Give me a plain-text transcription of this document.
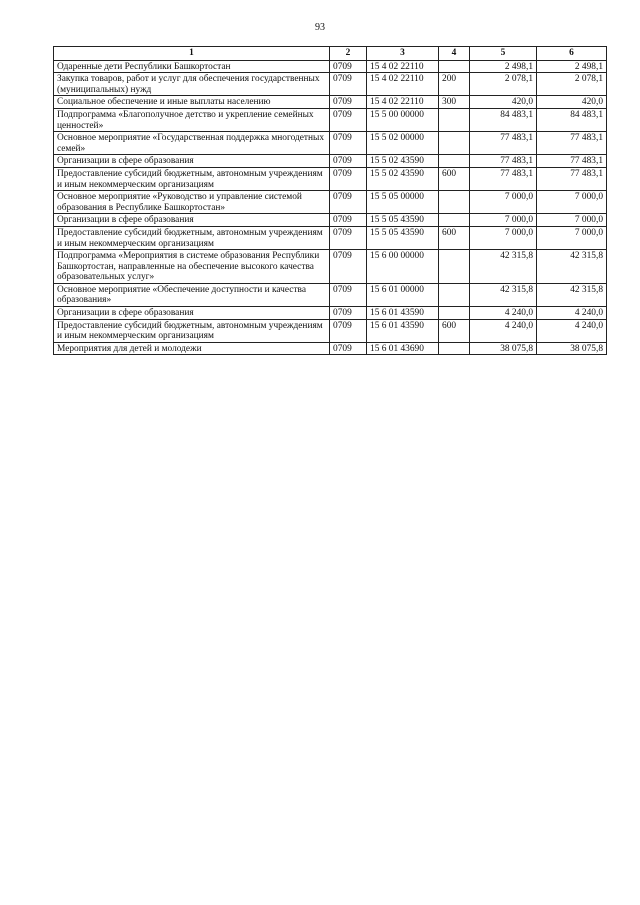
93
1	2	3	4	5	6
Одаренные дети Республики Башкортостан	0709	15 4 02 22110		2 498,1	2 498,1
Закупка товаров, работ и услуг для обеспечения государственных (муниципальных) нужд	0709	15 4 02 22110	200	2 078,1	2 078,1
Социальное обеспечение и иные выплаты населению	0709	15 4 02 22110	300	420,0	420,0
Подпрограмма «Благополучное детство и укрепление семейных ценностей»	0709	15 5 00 00000		84 483,1	84 483,1
Основное мероприятие «Государственная поддержка многодетных семей»	0709	15 5 02 00000		77 483,1	77 483,1
Организации в сфере образования	0709	15 5 02 43590		77 483,1	77 483,1
Предоставление субсидий бюджетным, автономным учреждениям и иным некоммерческим организациям	0709	15 5 02 43590	600	77 483,1	77 483,1
Основное мероприятие «Руководство и управление системой образования в Республике Башкортостан»	0709	15 5 05 00000		7 000,0	7 000,0
Организации в сфере образования	0709	15 5 05 43590		7 000,0	7 000,0
Предоставление субсидий бюджетным, автономным учреждениям и иным некоммерческим организациям	0709	15 5 05 43590	600	7 000,0	7 000,0
Подпрограмма «Мероприятия в системе образования Республики Башкортостан, направленные на обеспечение высокого качества образовательных услуг»	0709	15 6 00 00000		42 315,8	42 315,8
Основное мероприятие «Обеспечение доступности и качества образования»	0709	15 6 01 00000		42 315,8	42 315,8
Организации в сфере образования	0709	15 6 01 43590		4 240,0	4 240,0
Предоставление субсидий бюджетным, автономным учреждениям и иным некоммерческим организациям	0709	15 6 01 43590	600	4 240,0	4 240,0
Мероприятия для детей и молодежи	0709	15 6 01 43690		38 075,8	38 075,8
